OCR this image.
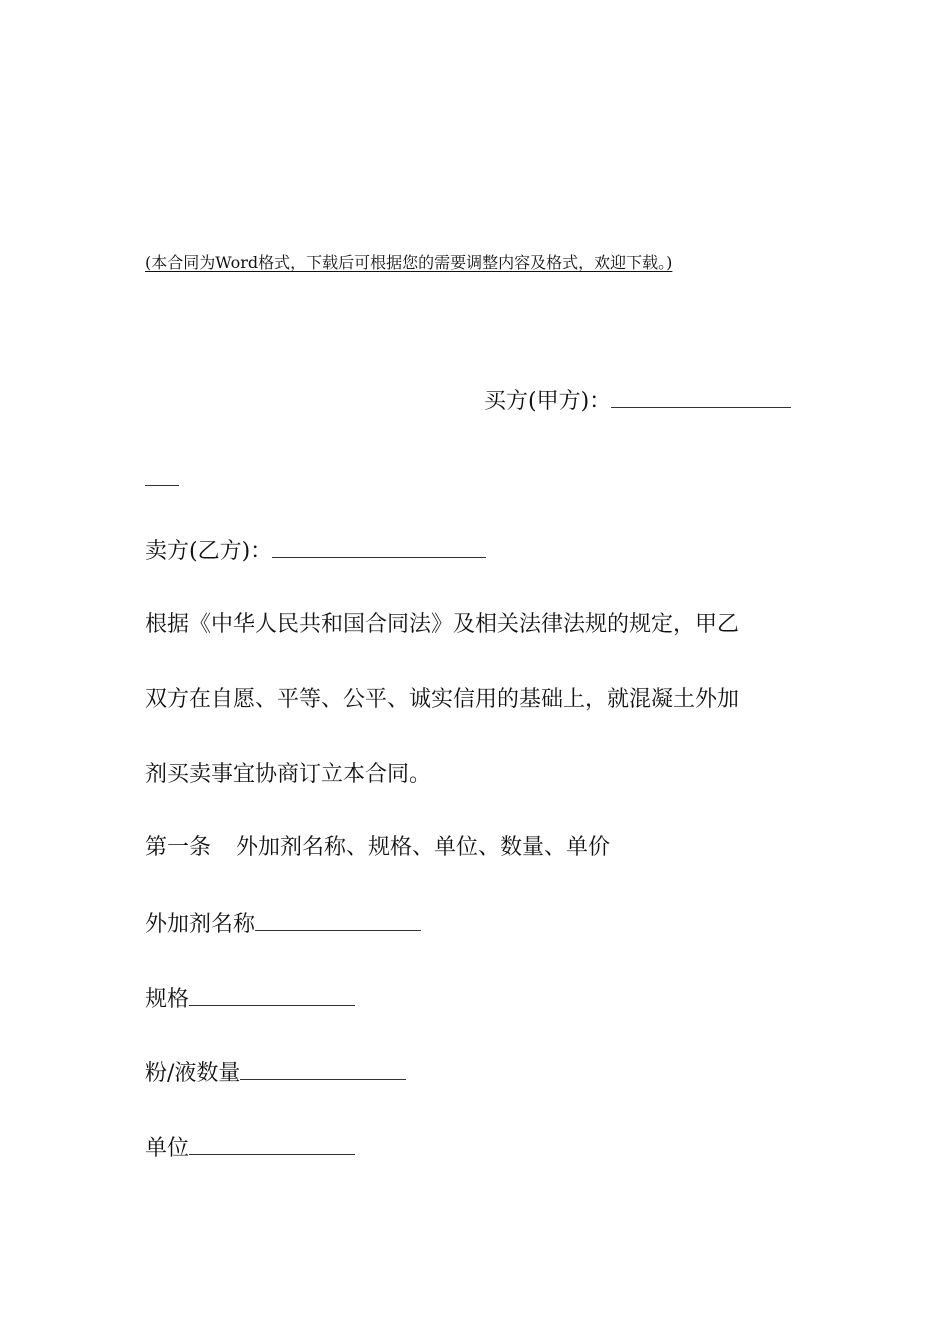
(本合同为Word格式，下载后可根据您的需要调整内容及格式，欢迎下载。)
买方(甲方)：
卖方(乙方)：
根据《中华人民共和国合同法》及相关法律法规的规定，甲乙
双方在自愿、平等、公平、诚实信用的基础上，就混凝土外加
剂买卖事宜协商订立本合同。
第一条 外加剂名称、规格、单位、数量、单价
外加剂名称
规格
粉/液数量
单位
